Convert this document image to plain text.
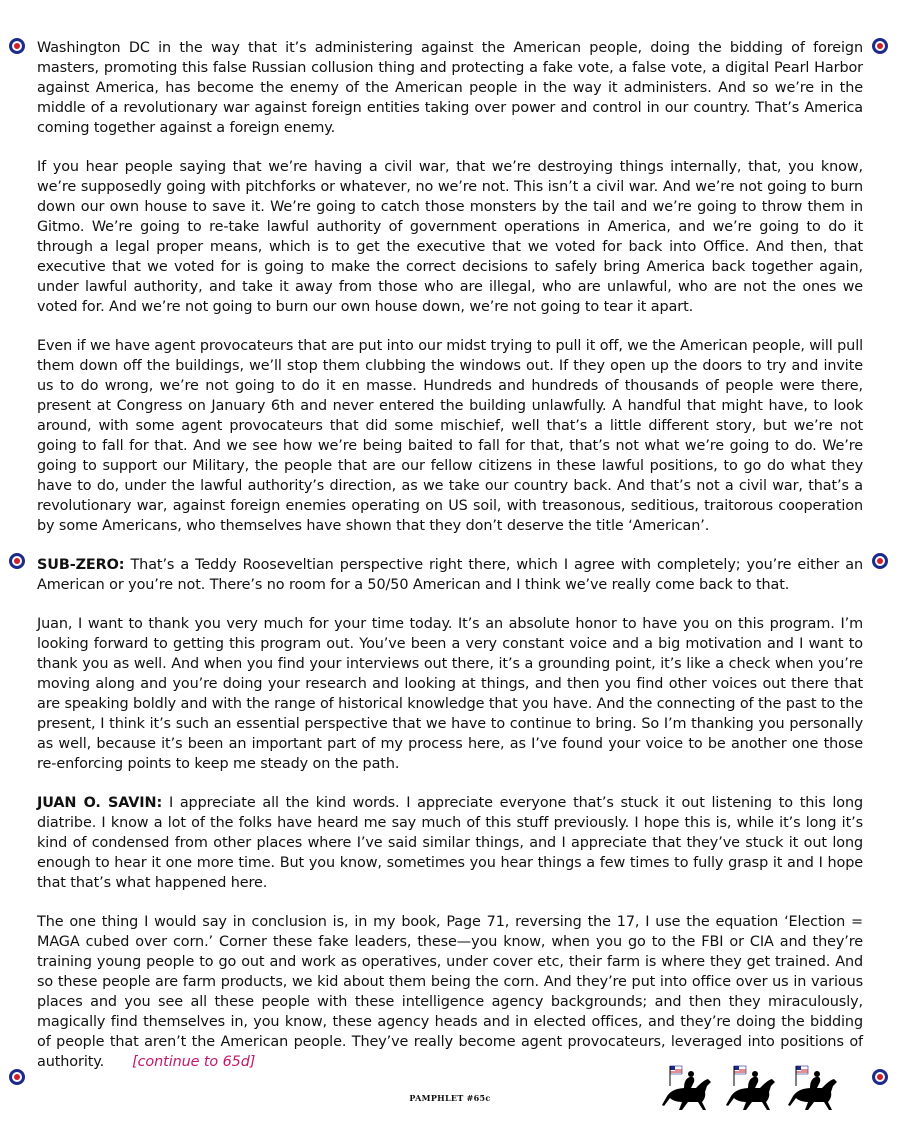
Washington DC in the way that it’s administering against the American people, doing the bidding of foreign masters, promoting this false Russian collusion thing and protecting a fake vote, a false vote, a digital Pearl Harbor against America, has become the enemy of the American people in the way it administers. And so we’re in the middle of a revolutionary war against foreign entities taking over power and control in our country. That’s America coming together against a foreign enemy.

If you hear people saying that we’re having a civil war, that we’re destroying things internally, that, you know, we’re supposedly going with pitchforks or whatever, no we’re not. This isn’t a civil war. And we’re not going to burn down our own house to save it. We’re going to catch those monsters by the tail and we’re going to throw them in Gitmo. We’re going to re-take lawful authority of government operations in America, and we’re going to do it through a legal proper means, which is to get the executive that we voted for back into Office. And then, that executive that we voted for is going to make the correct decisions to safely bring America back together again, under lawful authority, and take it away from those who are illegal, who are unlawful, who are not the ones we voted for. And we’re not going to burn our own house down, we’re not going to tear it apart.

Even if we have agent provocateurs that are put into our midst trying to pull it off, we the American people, will pull them down off the buildings, we’ll stop them clubbing the windows out. If they open up the doors to try and invite us to do wrong, we’re not going to do it en masse. Hundreds and hundreds of thousands of people were there, present at Congress on January 6th and never entered the building unlawfully. A handful that might have, to look around, with some agent provocateurs that did some mischief, well that’s a little different story, but we’re not going to fall for that. And we see how we’re being baited to fall for that, that’s not what we’re going to do. We’re going to support our Military, the people that are our fellow citizens in these lawful positions, to go do what they have to do, under the lawful authority’s direction, as we take our country back. And that’s not a civil war, that’s a revolutionary war, against foreign enemies operating on US soil, with treasonous, seditious, traitorous cooperation by some Americans, who themselves have shown that they don’t deserve the title ‘American’.

SUB-ZERO: That’s a Teddy Rooseveltian perspective right there, which I agree with completely; you’re either an American or you’re not. There’s no room for a 50/50 American and I think we’ve really come back to that.

Juan, I want to thank you very much for your time today. It’s an absolute honor to have you on this program. I’m looking forward to getting this program out. You’ve been a very constant voice and a big motivation and I want to thank you as well. And when you find your interviews out there, it’s a grounding point, it’s like a check when you’re moving along and you’re doing your research and looking at things, and then you find other voices out there that are speaking boldly and with the range of historical knowledge that you have. And the connecting of the past to the present, I think it’s such an essential perspective that we have to continue to bring. So I’m thanking you personally as well, because it’s been an important part of my process here, as I’ve found your voice to be another one those re-enforcing points to keep me steady on the path.

JUAN O. SAVIN: I appreciate all the kind words. I appreciate everyone that’s stuck it out listening to this long diatribe. I know a lot of the folks have heard me say much of this stuff previously. I hope this is, while it’s long it’s kind of condensed from other places where I’ve said similar things, and I appreciate that they’ve stuck it out long enough to hear it one more time. But you know, sometimes you hear things a few times to fully grasp it and I hope that that’s what happened here.

The one thing I would say in conclusion is, in my book, Page 71, reversing the 17, I use the equation ‘Election = MAGA cubed over corn.’ Corner these fake leaders, these—you know, when you go to the FBI or CIA and they’re training young people to go out and work as operatives, under cover etc, their farm is where they get trained. And so these people are farm products, we kid about them being the corn. And they’re put into office over us in various places and you see all these people with these intelligence agency backgrounds; and then they miraculously, magically find themselves in, you know, these agency heads and in elected offices, and they’re doing the bidding of people that aren’t the American people. They’ve really become agent provocateurs, leveraged into positions of authority. [continue to 65d]

PAMPHLET #65c
